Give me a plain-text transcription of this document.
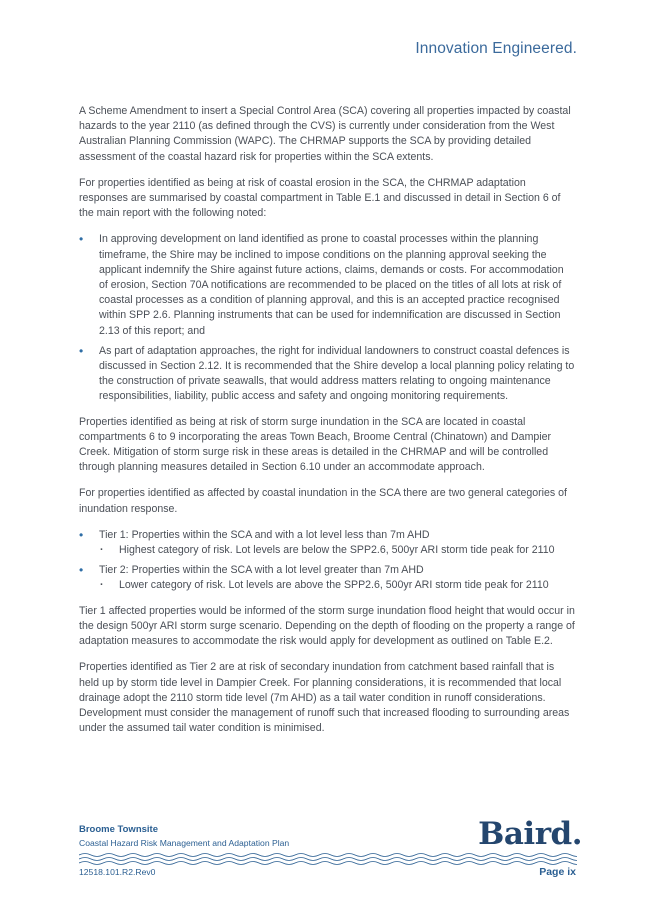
Innovation Engineered.

A Scheme Amendment to insert a Special Control Area (SCA) covering all properties impacted by coastal hazards to the year 2110 (as defined through the CVS) is currently under consideration from the West Australian Planning Commission (WAPC). The CHRMAP supports the SCA by providing detailed assessment of the coastal hazard risk for properties within the SCA extents.

For properties identified as being at risk of coastal erosion in the SCA, the CHRMAP adaptation responses are summarised by coastal compartment in Table E.1 and discussed in detail in Section 6 of the main report with the following noted:

• In approving development on land identified as prone to coastal processes within the planning timeframe, the Shire may be inclined to impose conditions on the planning approval seeking the applicant indemnify the Shire against future actions, claims, demands or costs. For accommodation of erosion, Section 70A notifications are recommended to be placed on the titles of all lots at risk of coastal processes as a condition of planning approval, and this is an accepted practice recognised within SPP 2.6. Planning instruments that can be used for indemnification are discussed in Section 2.13 of this report; and
• As part of adaptation approaches, the right for individual landowners to construct coastal defences is discussed in Section 2.12. It is recommended that the Shire develop a local planning policy relating to the construction of private seawalls, that would address matters relating to ongoing maintenance responsibilities, liability, public access and safety and ongoing monitoring requirements.

Properties identified as being at risk of storm surge inundation in the SCA are located in coastal compartments 6 to 9 incorporating the areas Town Beach, Broome Central (Chinatown) and Dampier Creek. Mitigation of storm surge risk in these areas is detailed in the CHRMAP and will be controlled through planning measures detailed in Section 6.10 under an accommodate approach.

For properties identified as affected by coastal inundation in the SCA there are two general categories of inundation response.

• Tier 1: Properties within the SCA and with a lot level less than 7m AHD
· Highest category of risk. Lot levels are below the SPP2.6, 500yr ARI storm tide peak for 2110
• Tier 2: Properties within the SCA with a lot level greater than 7m AHD
· Lower category of risk. Lot levels are above the SPP2.6, 500yr ARI storm tide peak for 2110

Tier 1 affected properties would be informed of the storm surge inundation flood height that would occur in the design 500yr ARI storm surge scenario. Depending on the depth of flooding on the property a range of adaptation measures to accommodate the risk would apply for development as outlined on Table E.2.

Properties identified as Tier 2 are at risk of secondary inundation from catchment based rainfall that is held up by storm tide level in Dampier Creek. For planning considerations, it is recommended that local drainage adopt the 2110 storm tide level (7m AHD) as a tail water condition in runoff considerations. Development must consider the management of runoff such that increased flooding to surrounding areas under the assumed tail water condition is minimised.

Broome Townsite
Coastal Hazard Risk Management and Adaptation Plan	Baird.
12518.101.R2.Rev0	Page ix
